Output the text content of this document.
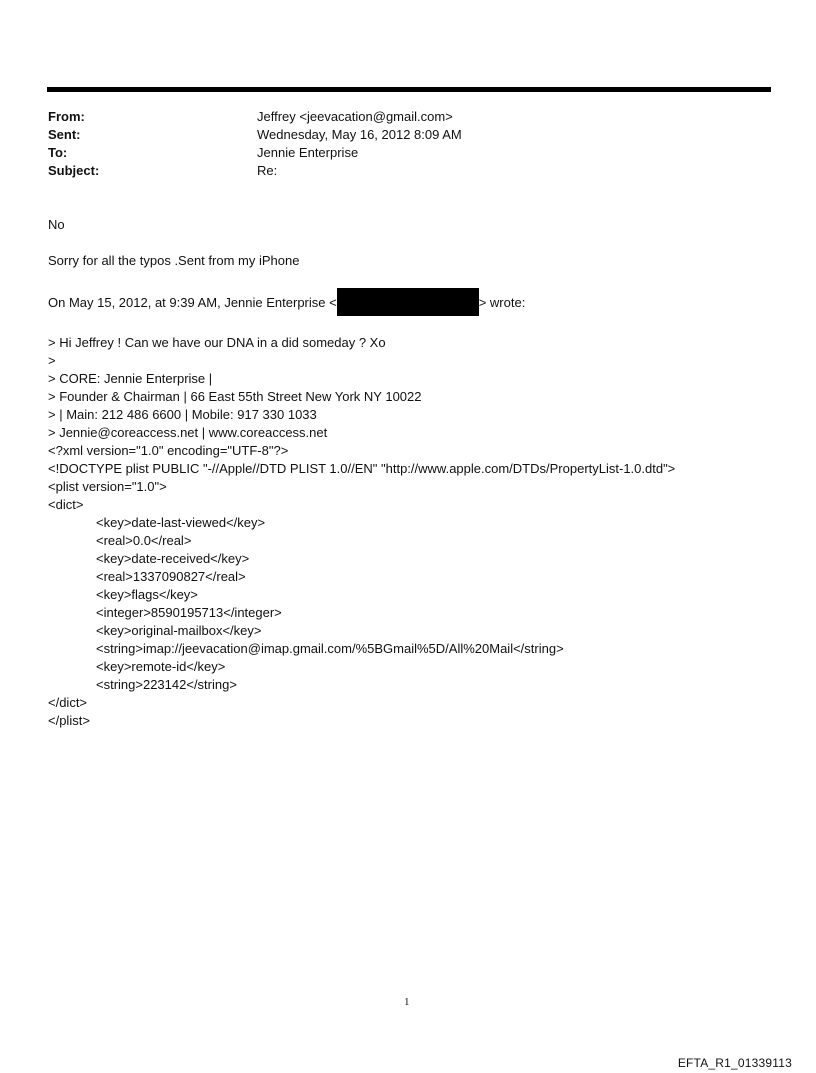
From:	Jeffrey <jeevacation@gmail.com>
Sent:	Wednesday, May 16, 2012 8:09 AM
To:	Jennie Enterprise
Subject:	Re:
No
Sorry for all the typos .Sent from my iPhone
On May 15, 2012, at 9:39 AM, Jennie Enterprise <	> wrote:
> Hi Jeffrey ! Can we have our DNA in a did someday ? Xo
>
> CORE: Jennie Enterprise |
> Founder & Chairman | 66 East 55th Street New York NY 10022
> | Main: 212 486 6600 | Mobile: 917 330 1033
> Jennie@coreaccess.net | www.coreaccess.net
<?xml version="1.0" encoding="UTF-8"?>
<!DOCTYPE plist PUBLIC "-//Apple//DTD PLIST 1.0//EN" "http://www.apple.com/DTDs/PropertyList-1.0.dtd">
<plist version="1.0">
<dict>
<key>date-last-viewed</key>
<real>0.0</real>
<key>date-received</key>
<real>1337090827</real>
<key>flags</key>
<integer>8590195713</integer>
<key>original-mailbox</key>
<string>imap://jeevacation@imap.gmail.com/%5BGmail%5D/All%20Mail</string>
<key>remote-id</key>
<string>223142</string>
</dict>
</plist>
1
EFTA_R1_01339113
